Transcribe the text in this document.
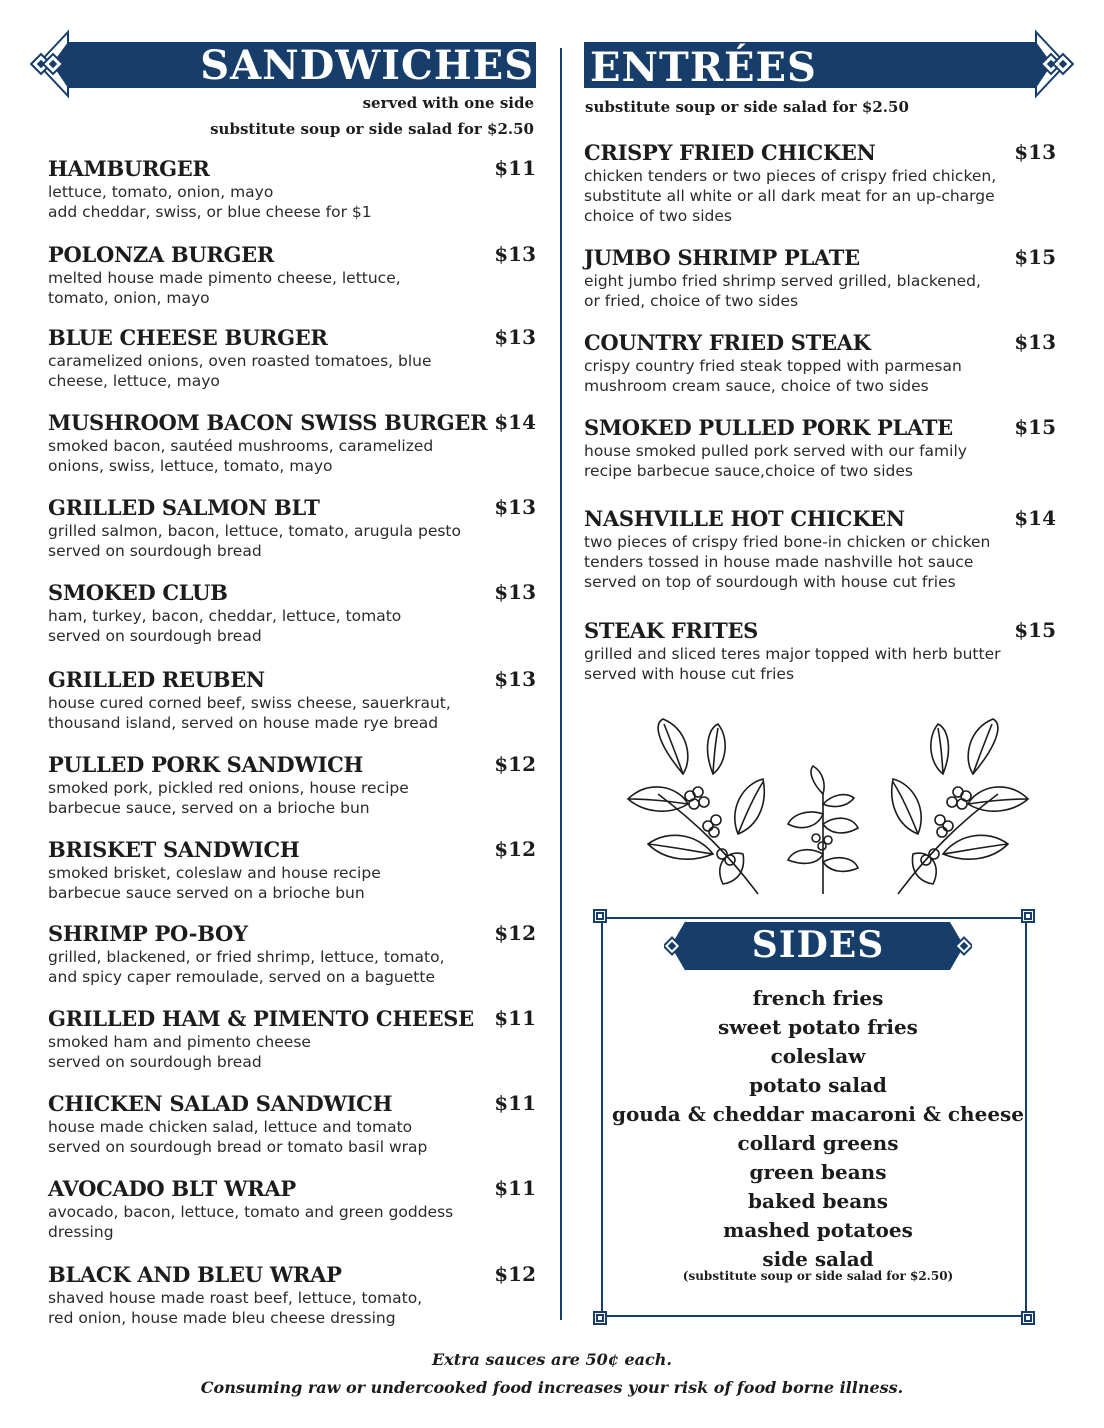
SANDWICHES
served with one side
substitute soup or side salad for $2.50
HAMBURGER	$11
lettuce, tomato, onion, mayo
add cheddar, swiss, or blue cheese for $1
POLONZA BURGER	$13
melted house made pimento cheese, lettuce,
tomato, onion, mayo
BLUE CHEESE BURGER	$13
caramelized onions, oven roasted tomatoes, blue
cheese, lettuce, mayo
MUSHROOM BACON SWISS BURGER $14
smoked bacon, sautéed mushrooms, caramelized
onions, swiss, lettuce, tomato, mayo
GRILLED SALMON BLT	$13
grilled salmon, bacon, lettuce, tomato, arugula pesto
served on sourdough bread
SMOKED CLUB	$13
ham, turkey, bacon, cheddar, lettuce, tomato
served on sourdough bread
GRILLED REUBEN	$13
house cured corned beef, swiss cheese, sauerkraut,
thousand island, served on house made rye bread
PULLED PORK SANDWICH	$12
smoked pork, pickled red onions, house recipe
barbecue sauce, served on a brioche bun
BRISKET SANDWICH	$12
smoked brisket, coleslaw and house recipe
barbecue sauce served on a brioche bun
SHRIMP PO-BOY	$12
grilled, blackened, or fried shrimp, lettuce, tomato,
and spicy caper remoulade, served on a baguette
GRILLED HAM & PIMENTO CHEESE $11
smoked ham and pimento cheese
served on sourdough bread
CHICKEN SALAD SANDWICH	$11
house made chicken salad, lettuce and tomato
served on sourdough bread or tomato basil wrap
AVOCADO BLT WRAP	$11
avocado, bacon, lettuce, tomato and green goddess
dressing
BLACK AND BLEU WRAP	$12
shaved house made roast beef, lettuce, tomato,
red onion, house made bleu cheese dressing
ENTRÉES
substitute soup or side salad for $2.50
CRISPY FRIED CHICKEN	$13
chicken tenders or two pieces of crispy fried chicken,
substitute all white or all dark meat for an up-charge
choice of two sides
JUMBO SHRIMP PLATE	$15
eight jumbo fried shrimp served grilled, blackened,
or fried, choice of two sides
COUNTRY FRIED STEAK	$13
crispy country fried steak topped with parmesan
mushroom cream sauce, choice of two sides
SMOKED PULLED PORK PLATE	$15
house smoked pulled pork served with our family
recipe barbecue sauce,choice of two sides
NASHVILLE HOT CHICKEN	$14
two pieces of crispy fried bone-in chicken or chicken
tenders tossed in house made nashville hot sauce
served on top of sourdough with house cut fries
STEAK FRITES	$15
grilled and sliced teres major topped with herb butter
served with house cut fries
SIDES
french fries
sweet potato fries
coleslaw
potato salad
gouda & cheddar macaroni & cheese
collard greens
green beans
baked beans
mashed potatoes
side salad
(substitute soup or side salad for $2.50)
Extra sauces are 50¢ each.
Consuming raw or undercooked food increases your risk of food borne illness.
